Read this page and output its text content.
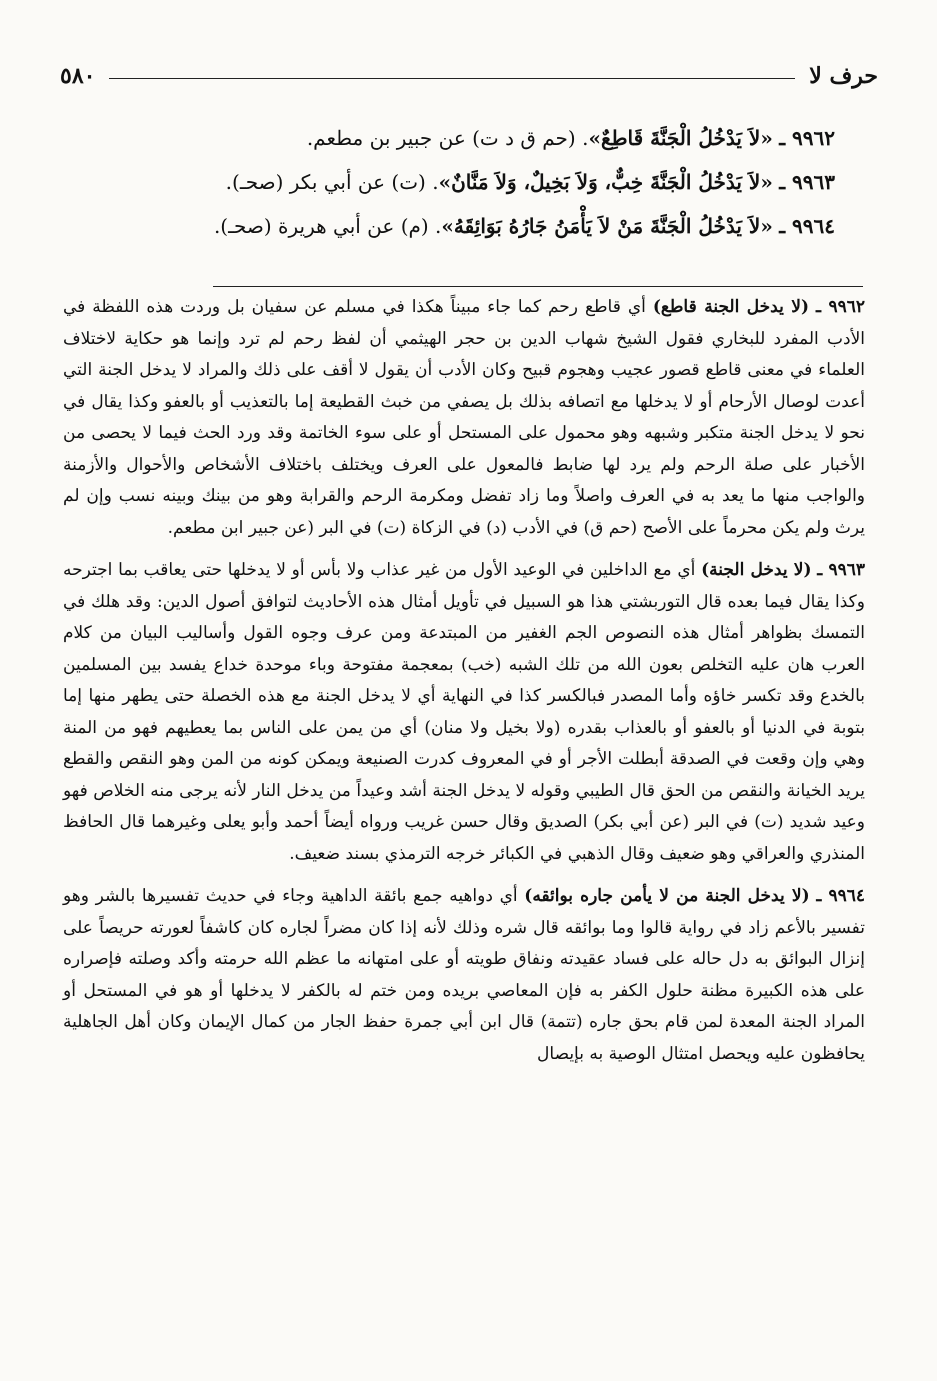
حرف لا
٥٨٠
٩٩٦٢ ـ «لاَ يَدْخُلُ الْجَنَّةَ قَاطِعٌ». (حم ق د ت) عن جبير بن مطعم.
٩٩٦٣ ـ «لاَ يَدْخُلُ الْجَنَّةَ خِبٌّ، وَلاَ بَخِيلٌ، وَلاَ مَنَّانٌ». (ت) عن أبي بكر (صحـ).
٩٩٦٤ ـ «لاَ يَدْخُلُ الْجَنَّةَ مَنْ لاَ يَأْمَنُ جَارُهُ بَوَائِقَهُ». (م) عن أبي هريرة (صحـ).

٩٩٦٢ ـ (لا يدخل الجنة قاطع) أي قاطع رحم كما جاء مبيناً هكذا في مسلم عن سفيان بل وردت هذه اللفظة في الأدب المفرد للبخاري فقول الشيخ شهاب الدين بن حجر الهيثمي أن لفظ رحم لم ترد وإنما هو حكاية لاختلاف العلماء في معنى قاطع قصور عجيب وهجوم قبيح وكان الأدب أن يقول لا أقف على ذلك والمراد لا يدخل الجنة التي أعدت لوصال الأرحام أو لا يدخلها مع اتصافه بذلك بل يصفي من خبث القطيعة إما بالتعذيب أو بالعفو وكذا يقال في نحو لا يدخل الجنة متكبر وشبهه وهو محمول على المستحل أو على سوء الخاتمة وقد ورد الحث فيما لا يحصى من الأخبار على صلة الرحم ولم يرد لها ضابط فالمعول على العرف ويختلف باختلاف الأشخاص والأحوال والأزمنة والواجب منها ما يعد به في العرف واصلاً وما زاد تفضل ومكرمة الرحم والقرابة وهو من بينك وبينه نسب وإن لم يرث ولم يكن محرماً على الأصح (حم ق) في الأدب (د) في الزكاة (ت) في البر (عن جبير ابن مطعم.

٩٩٦٣ ـ (لا يدخل الجنة) أي مع الداخلين في الوعيد الأول من غير عذاب ولا بأس أو لا يدخلها حتى يعاقب بما اجترحه وكذا يقال فيما بعده قال التوربشتي هذا هو السبيل في تأويل أمثال هذه الأحاديث لتوافق أصول الدين: وقد هلك في التمسك بظواهر أمثال هذه النصوص الجم الغفير من المبتدعة ومن عرف وجوه القول وأساليب البيان من كلام العرب هان عليه التخلص بعون الله من تلك الشبه (خب) بمعجمة مفتوحة وباء موحدة خداع يفسد بين المسلمين بالخدع وقد تكسر خاؤه وأما المصدر فبالكسر كذا في النهاية أي لا يدخل الجنة مع هذه الخصلة حتى يطهر منها إما بتوبة في الدنيا أو بالعفو أو بالعذاب بقدره (ولا بخيل ولا منان) أي من يمن على الناس بما يعطيهم فهو من المنة وهي وإن وقعت في الصدقة أبطلت الأجر أو في المعروف كدرت الصنيعة ويمكن كونه من المن وهو النقص والقطع يريد الخيانة والنقص من الحق قال الطيبي وقوله لا يدخل الجنة أشد وعيداً من يدخل النار لأنه يرجى منه الخلاص فهو وعيد شديد (ت) في البر (عن أبي بكر) الصديق وقال حسن غريب ورواه أيضاً أحمد وأبو يعلى وغيرهما قال الحافظ المنذري والعراقي وهو ضعيف وقال الذهبي في الكبائر خرجه الترمذي بسند ضعيف.

٩٩٦٤ ـ (لا يدخل الجنة من لا يأمن جاره بوائقه) أي دواهيه جمع بائقة الداهية وجاء في حديث تفسيرها بالشر وهو تفسير بالأعم زاد في رواية قالوا وما بوائقه قال شره وذلك لأنه إذا كان مضراً لجاره كان كاشفاً لعورته حريصاً على إنزال البوائق به دل حاله على فساد عقيدته ونفاق طويته أو على امتهانه ما عظم الله حرمته وأكد وصلته فإصراره على هذه الكبيرة مظنة حلول الكفر به فإن المعاصي بريده ومن ختم له بالكفر لا يدخلها أو هو في المستحل أو المراد الجنة المعدة لمن قام بحق جاره (تتمة) قال ابن أبي جمرة حفظ الجار من كمال الإيمان وكان أهل الجاهلية يحافظون عليه ويحصل امتثال الوصية به بإيصال
